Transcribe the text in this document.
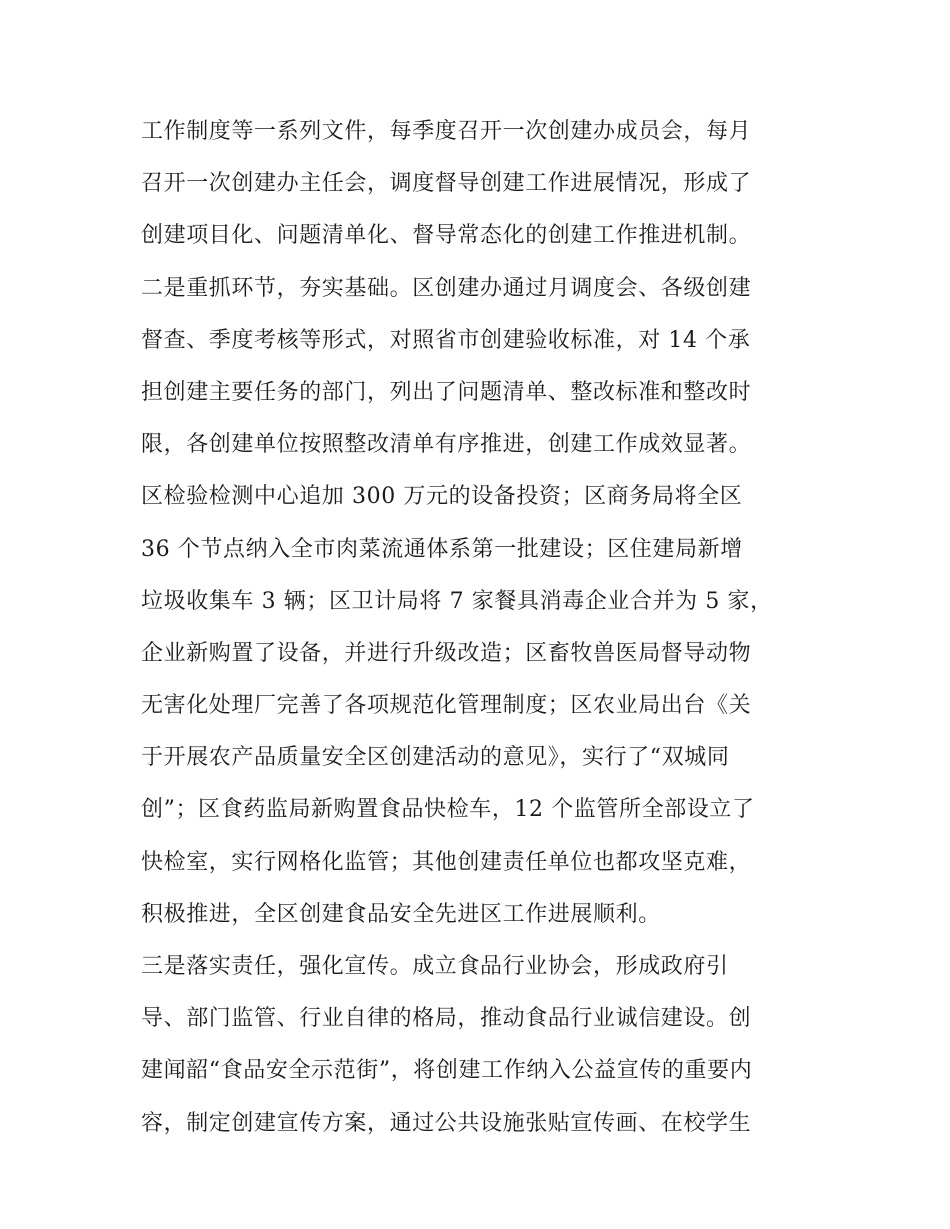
工作制度等一系列文件，每季度召开一次创建办成员会，每月
召开一次创建办主任会，调度督导创建工作进展情况，形成了
创建项目化、问题清单化、督导常态化的创建工作推进机制。
二是重抓环节，夯实基础。区创建办通过月调度会、各级创建
督查、季度考核等形式，对照省市创建验收标准，对 14 个承
担创建主要任务的部门，列出了问题清单、整改标准和整改时
限，各创建单位按照整改清单有序推进，创建工作成效显著。
区检验检测中心追加 300 万元的设备投资；区商务局将全区
36 个节点纳入全市肉菜流通体系第一批建设；区住建局新增
垃圾收集车 3 辆；区卫计局将 7 家餐具消毒企业合并为 5 家，
企业新购置了设备，并进行升级改造；区畜牧兽医局督导动物
无害化处理厂完善了各项规范化管理制度；区农业局出台《关
于开展农产品质量安全区创建活动的意见》，实行了“双城同
创”；区食药监局新购置食品快检车，12 个监管所全部设立了
快检室，实行网格化监管；其他创建责任单位也都攻坚克难，
积极推进，全区创建食品安全先进区工作进展顺利。
三是落实责任，强化宣传。成立食品行业协会，形成政府引
导、部门监管、行业自律的格局，推动食品行业诚信建设。创
建闻韶“食品安全示范街”，将创建工作纳入公益宣传的重要内
容，制定创建宣传方案，通过公共设施张贴宣传画、在校学生
